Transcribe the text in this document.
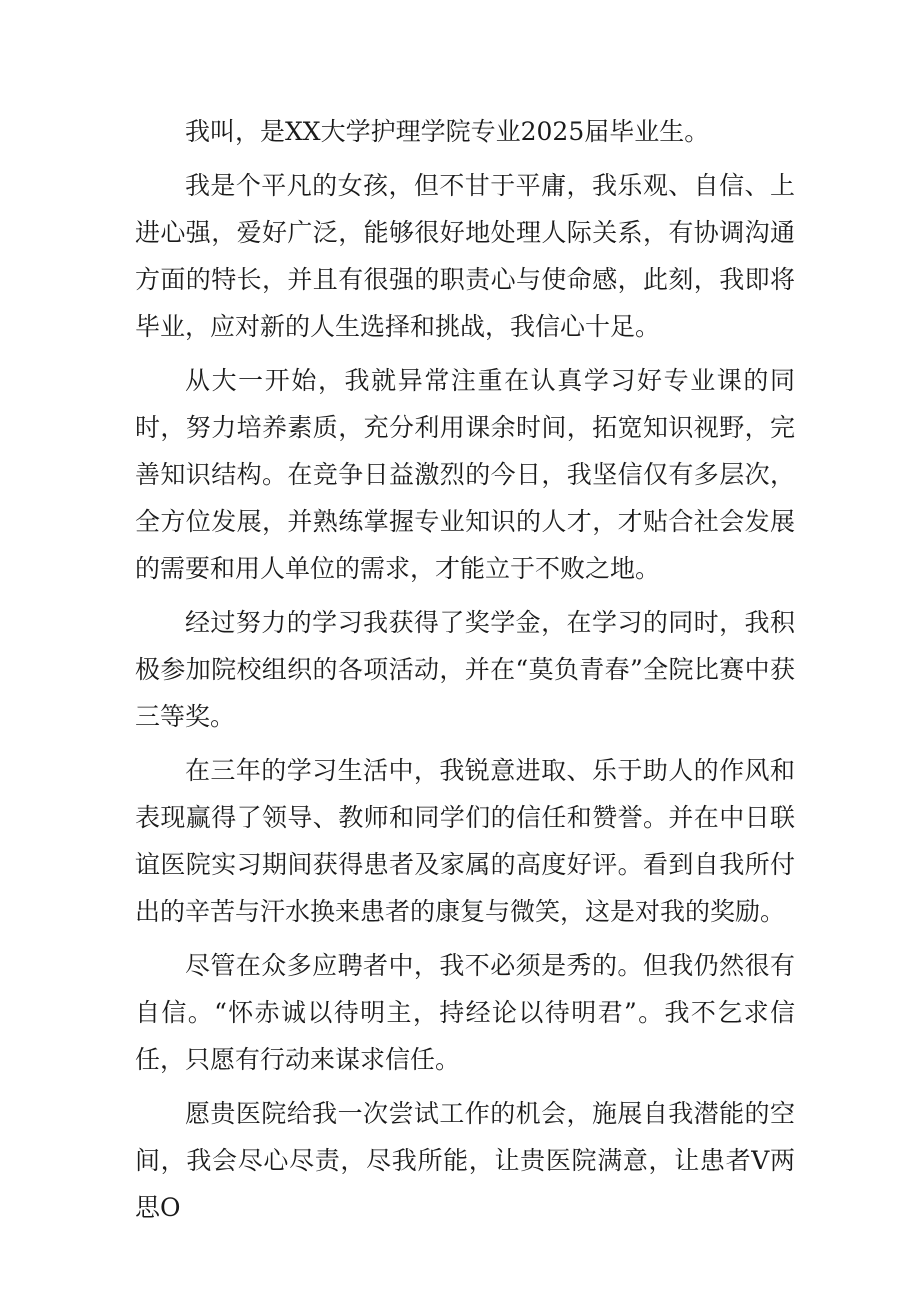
我叫，是XX大学护理学院专业2025届毕业生。

我是个平凡的女孩，但不甘于平庸，我乐观、自信、上进心强，爱好广泛，能够很好地处理人际关系，有协调沟通方面的特长，并且有很强的职责心与使命感，此刻，我即将毕业，应对新的人生选择和挑战，我信心十足。

从大一开始，我就异常注重在认真学习好专业课的同时，努力培养素质，充分利用课余时间，拓宽知识视野，完善知识结构。在竞争日益激烈的今日，我坚信仅有多层次，全方位发展，并熟练掌握专业知识的人才，才贴合社会发展的需要和用人单位的需求，才能立于不败之地。

经过努力的学习我获得了奖学金，在学习的同时，我积极参加院校组织的各项活动，并在“莫负青春”全院比赛中获三等奖。

在三年的学习生活中，我锐意进取、乐于助人的作风和表现赢得了领导、教师和同学们的信任和赞誉。并在中日联谊医院实习期间获得患者及家属的高度好评。看到自我所付出的辛苦与汗水换来患者的康复与微笑，这是对我的奖励。

尽管在众多应聘者中，我不必须是秀的。但我仍然很有自信。“怀赤诚以待明主，持经论以待明君”。我不乞求信任，只愿有行动来谋求信任。

愿贵医院给我一次尝试工作的机会，施展自我潜能的空间，我会尽心尽责，尽我所能，让贵医院满意，让患者V两思O
